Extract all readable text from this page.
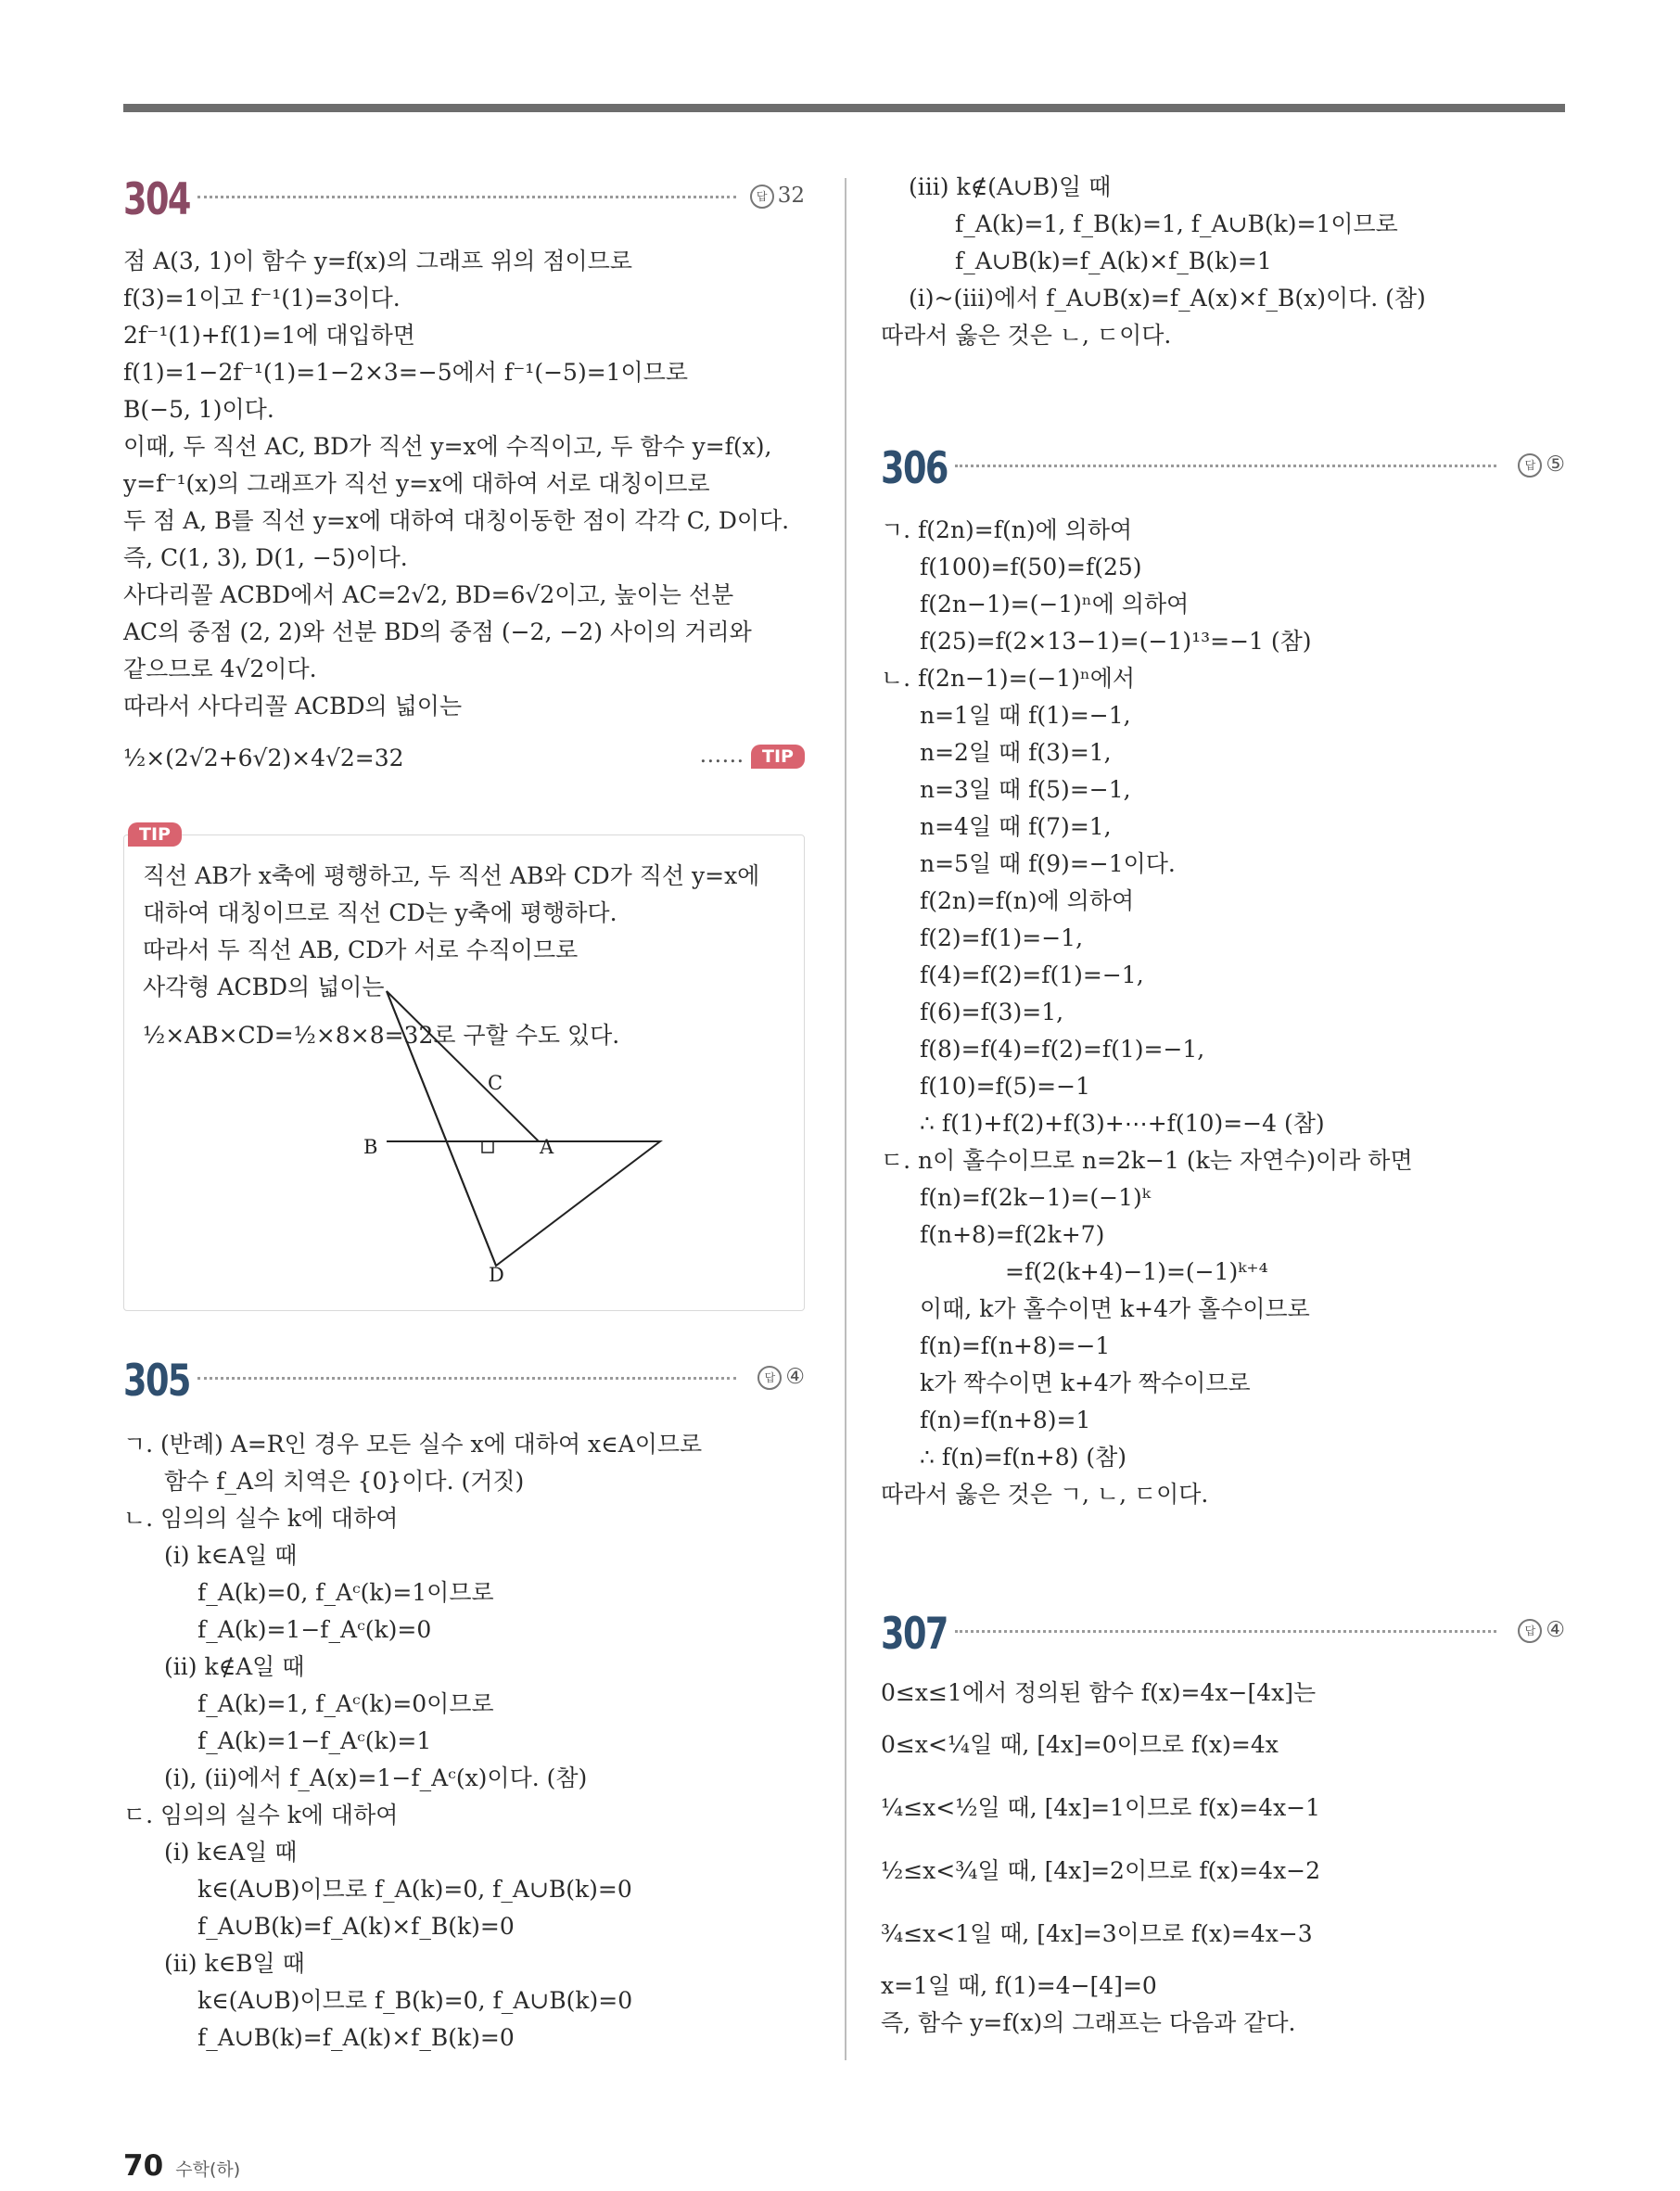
304	답 32
점 A(3, 1)이 함수 y=f(x)의 그래프 위의 점이므로
f(3)=1이고 f⁻¹(1)=3이다.
2f⁻¹(1)+f(1)=1에 대입하면
f(1)=1−2f⁻¹(1)=1−2×3=−5에서 f⁻¹(−5)=1이므로
B(−5, 1)이다.
이때, 두 직선 AC, BD가 직선 y=x에 수직이고, 두 함수 y=f(x),
y=f⁻¹(x)의 그래프가 직선 y=x에 대하여 서로 대칭이므로
두 점 A, B를 직선 y=x에 대하여 대칭이동한 점이 각각 C, D이다.
즉, C(1, 3), D(1, −5)이다.
사다리꼴 ACBD에서 AC=2√2, BD=6√2이고, 높이는 선분
AC의 중점 (2, 2)와 선분 BD의 중점 (−2, −2) 사이의 거리와
같으므로 4√2이다.
따라서 사다리꼴 ACBD의 넓이는
½×(2√2+6√2)×4√2=32	…… TIP
TIP
직선 AB가 x축에 평행하고, 두 직선 AB와 CD가 직선 y=x에
대하여 대칭이므로 직선 CD는 y축에 평행하다.
따라서 두 직선 AB, CD가 서로 수직이므로
사각형 ACBD의 넓이는
½×AB×CD=½×8×8=32로 구할 수도 있다.
305	답 ④
ㄱ. (반례) A=R인 경우 모든 실수 x에 대하여 x∈A이므로
함수 f_A의 치역은 {0}이다. (거짓)
ㄴ. 임의의 실수 k에 대하여
(ⅰ) k∈A일 때
f_A(k)=0, f_Aᶜ(k)=1이므로
f_A(k)=1−f_Aᶜ(k)=0
(ⅱ) k∉A일 때
f_A(k)=1, f_Aᶜ(k)=0이므로
f_A(k)=1−f_Aᶜ(k)=1
(ⅰ), (ⅱ)에서 f_A(x)=1−f_Aᶜ(x)이다. (참)
ㄷ. 임의의 실수 k에 대하여
(ⅰ) k∈A일 때
k∈(A∪B)이므로 f_A(k)=0, f_A∪B(k)=0
f_A∪B(k)=f_A(k)×f_B(k)=0
(ⅱ) k∈B일 때
k∈(A∪B)이므로 f_B(k)=0, f_A∪B(k)=0
f_A∪B(k)=f_A(k)×f_B(k)=0
(ⅲ) k∉(A∪B)일 때
f_A(k)=1, f_B(k)=1, f_A∪B(k)=1이므로
f_A∪B(k)=f_A(k)×f_B(k)=1
(ⅰ)~(ⅲ)에서 f_A∪B(x)=f_A(x)×f_B(x)이다. (참)
따라서 옳은 것은 ㄴ, ㄷ이다.
306	답 ⑤
ㄱ. f(2n)=f(n)에 의하여
f(100)=f(50)=f(25)
f(2n−1)=(−1)ⁿ에 의하여
f(25)=f(2×13−1)=(−1)¹³=−1 (참)
ㄴ. f(2n−1)=(−1)ⁿ에서
n=1일 때 f(1)=−1,
n=2일 때 f(3)=1,
n=3일 때 f(5)=−1,
n=4일 때 f(7)=1,
n=5일 때 f(9)=−1이다.
f(2n)=f(n)에 의하여
f(2)=f(1)=−1,
f(4)=f(2)=f(1)=−1,
f(6)=f(3)=1,
f(8)=f(4)=f(2)=f(1)=−1,
f(10)=f(5)=−1
∴ f(1)+f(2)+f(3)+⋯+f(10)=−4 (참)
ㄷ. n이 홀수이므로 n=2k−1 (k는 자연수)이라 하면
f(n)=f(2k−1)=(−1)ᵏ
f(n+8)=f(2k+7)
=f(2(k+4)−1)=(−1)ᵏ⁺⁴
이때, k가 홀수이면 k+4가 홀수이므로
f(n)=f(n+8)=−1
k가 짝수이면 k+4가 짝수이므로
f(n)=f(n+8)=1
∴ f(n)=f(n+8) (참)
따라서 옳은 것은 ㄱ, ㄴ, ㄷ이다.
307	답 ④
0≤x≤1에서 정의된 함수 f(x)=4x−[4x]는
0≤x<¼일 때, [4x]=0이므로 f(x)=4x
¼≤x<½일 때, [4x]=1이므로 f(x)=4x−1
½≤x<¾일 때, [4x]=2이므로 f(x)=4x−2
¾≤x<1일 때, [4x]=3이므로 f(x)=4x−3
x=1일 때, f(1)=4−[4]=0
즉, 함수 y=f(x)의 그래프는 다음과 같다.
C
B	A
D
70 수학(하)
